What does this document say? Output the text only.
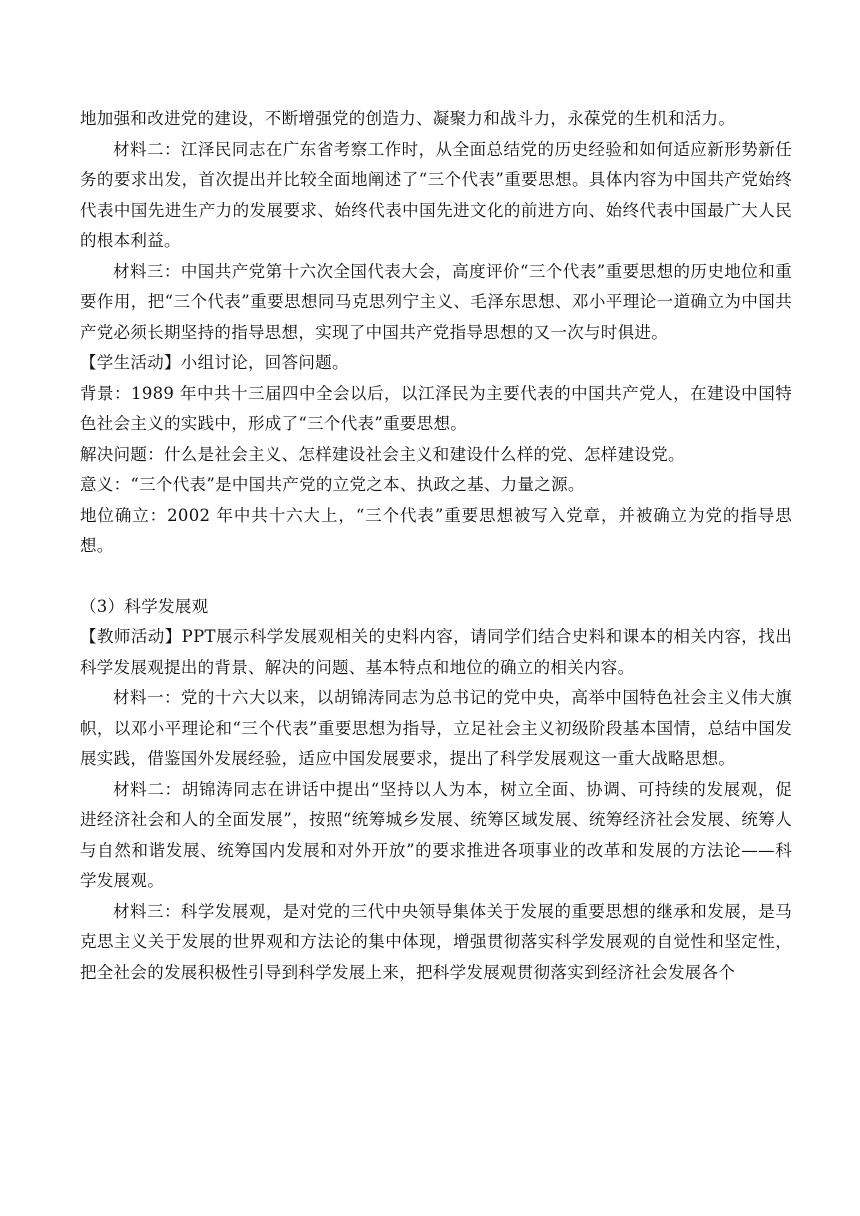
地加强和改进党的建设，不断增强党的创造力、凝聚力和战斗力，永葆党的生机和活力。

材料二：江泽民同志在广东省考察工作时，从全面总结党的历史经验和如何适应新形势新任务的要求出发，首次提出并比较全面地阐述了“三个代表”重要思想。具体内容为中国共产党始终代表中国先进生产力的发展要求、始终代表中国先进文化的前进方向、始终代表中国最广大人民的根本利益。

材料三：中国共产党第十六次全国代表大会，高度评价“三个代表”重要思想的历史地位和重要作用，把“三个代表”重要思想同马克思列宁主义、毛泽东思想、邓小平理论一道确立为中国共产党必须长期坚持的指导思想，实现了中国共产党指导思想的又一次与时俱进。

【学生活动】小组讨论，回答问题。

背景：1989 年中共十三届四中全会以后，以江泽民为主要代表的中国共产党人，在建设中国特色社会主义的实践中，形成了“三个代表”重要思想。

解决问题：什么是社会主义、怎样建设社会主义和建设什么样的党、怎样建设党。

意义：“三个代表”是中国共产党的立党之本、执政之基、力量之源。

地位确立：2002 年中共十六大上，“三个代表”重要思想被写入党章，并被确立为党的指导思想。

（3）科学发展观

【教师活动】PPT展示科学发展观相关的史料内容，请同学们结合史料和课本的相关内容，找出科学发展观提出的背景、解决的问题、基本特点和地位的确立的相关内容。

材料一：党的十六大以来，以胡锦涛同志为总书记的党中央，高举中国特色社会主义伟大旗帜，以邓小平理论和“三个代表”重要思想为指导，立足社会主义初级阶段基本国情，总结中国发展实践，借鉴国外发展经验，适应中国发展要求，提出了科学发展观这一重大战略思想。

材料二：胡锦涛同志在讲话中提出“坚持以人为本，树立全面、协调、可持续的发展观，促进经济社会和人的全面发展”，按照“统筹城乡发展、统筹区域发展、统筹经济社会发展、统筹人与自然和谐发展、统筹国内发展和对外开放”的要求推进各项事业的改革和发展的方法论——科学发展观。

材料三：科学发展观，是对党的三代中央领导集体关于发展的重要思想的继承和发展，是马克思主义关于发展的世界观和方法论的集中体现，增强贯彻落实科学发展观的自觉性和坚定性，把全社会的发展积极性引导到科学发展上来，把科学发展观贯彻落实到经济社会发展各个
